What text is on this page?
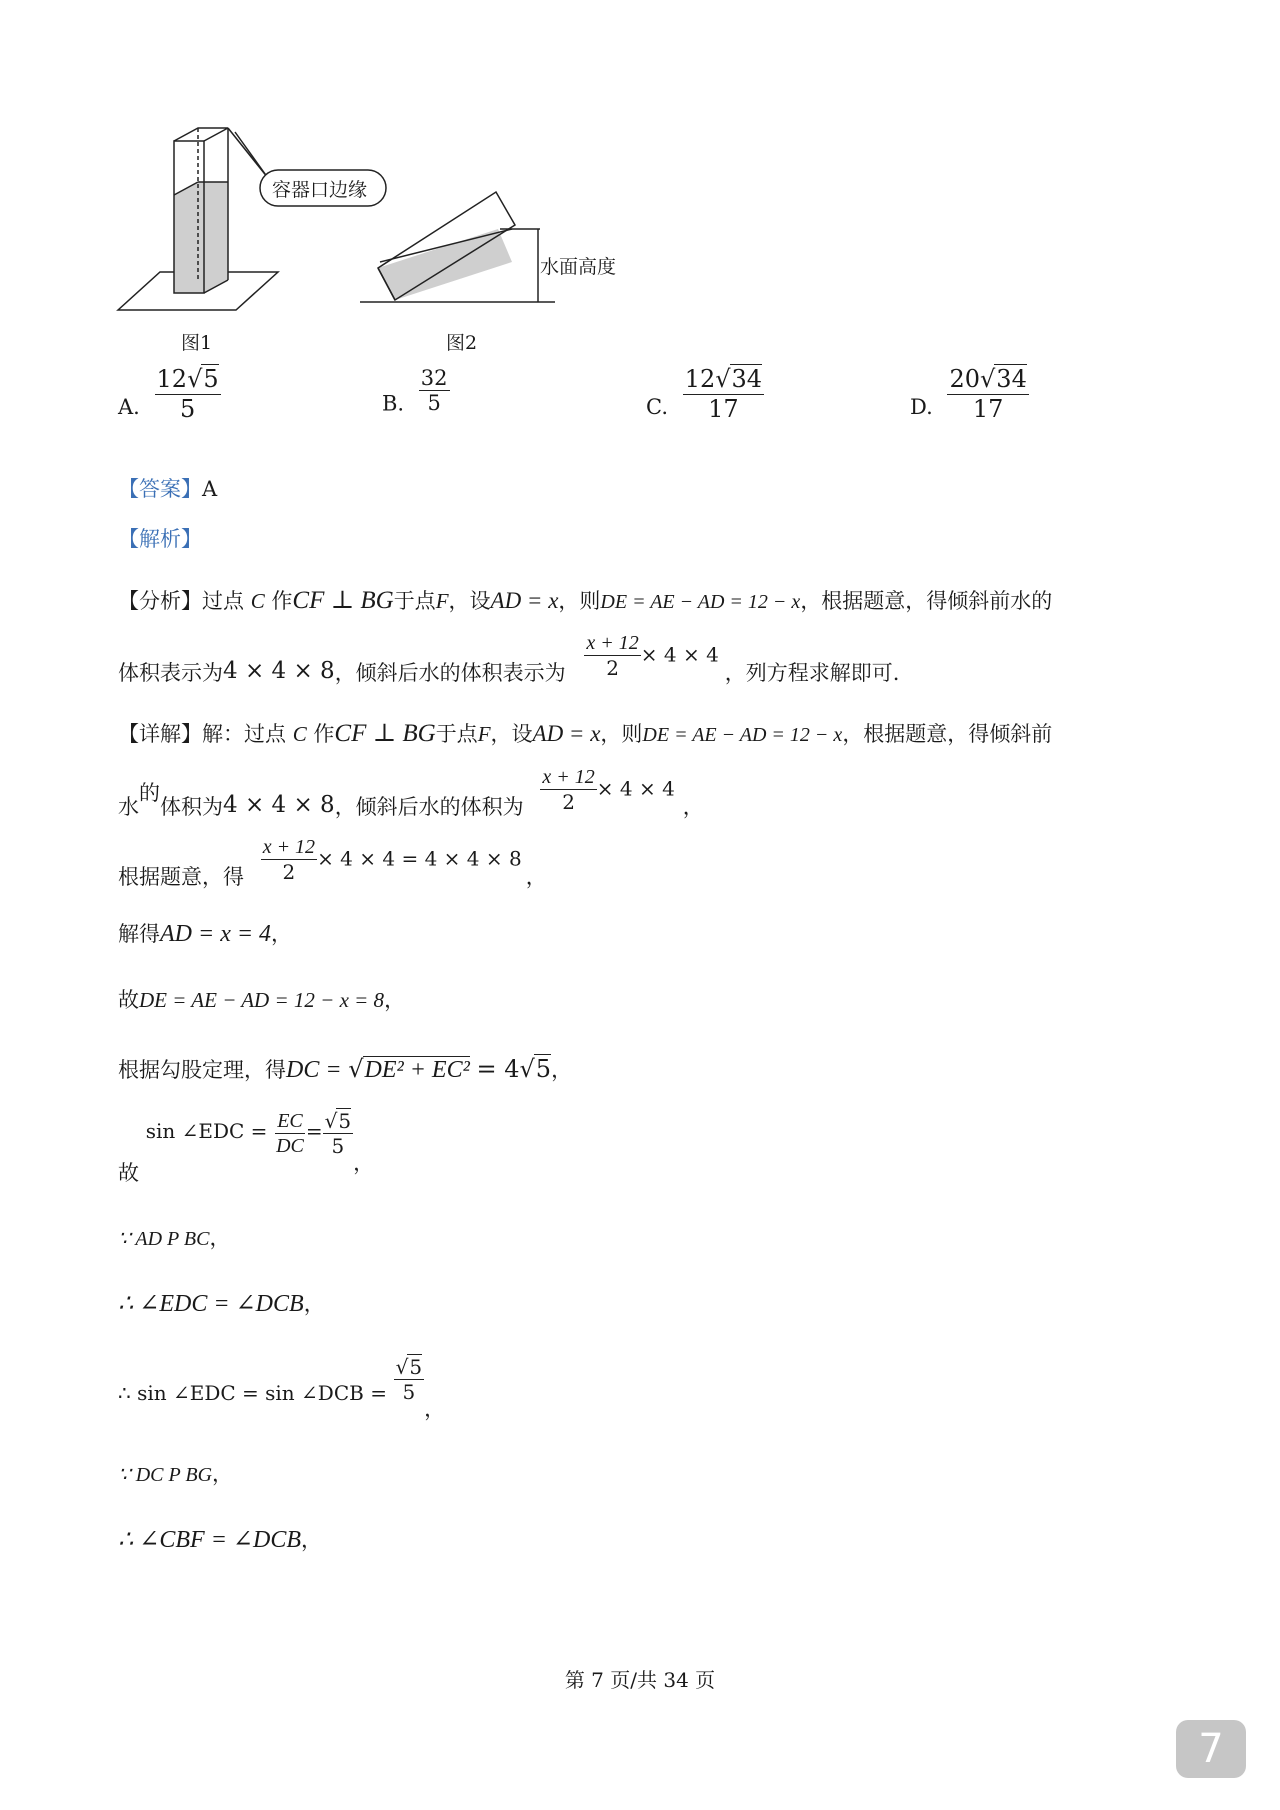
容器口边缘
水面高度
图1	图2
A. $\frac{12√5}{5}$	B. $\frac{32}{5}$	C. $\frac{12√34}{17}$	D. $\frac{20√34}{17}$
【答案】A
【解析】
【分析】过点 C 作CF ⊥ BG于点F，设AD = x，则DE = AE − AD = 12 − x，根据题意，得倾斜前水的
体积表示为4 × 4 × 8，倾斜后水的体积表示为 $\frac{x + 12}{2} \times 4 \times 4$，列方程求解即可.
【详解】解：过点 C 作CF ⊥ BG于点F，设AD = x，则DE = AE − AD = 12 − x，根据题意，得倾斜前
水的体积为4 × 4 × 8，倾斜后水的体积为 $\frac{x + 12}{2} \times 4 \times 4$，
根据题意，得 $\frac{x + 12}{2} \times 4 \times 4 = 4 \times 4 \times 8$，
解得AD = x = 4，
故DE = AE − AD = 12 − x = 8，
根据勾股定理，得DC = √DE² + EC² = 4√5，
故 sin ∠EDC = $\frac{EC}{DC} = \frac{√5}{5}$
，
∵ AD P BC，
∴ ∠EDC = ∠DCB，
∴ sin ∠EDC = sin ∠DCB = $\frac{√5}{5}$
，
∵ DC P BG，
∴ ∠CBF = ∠DCB，
第 7 页/共 34 页
7
